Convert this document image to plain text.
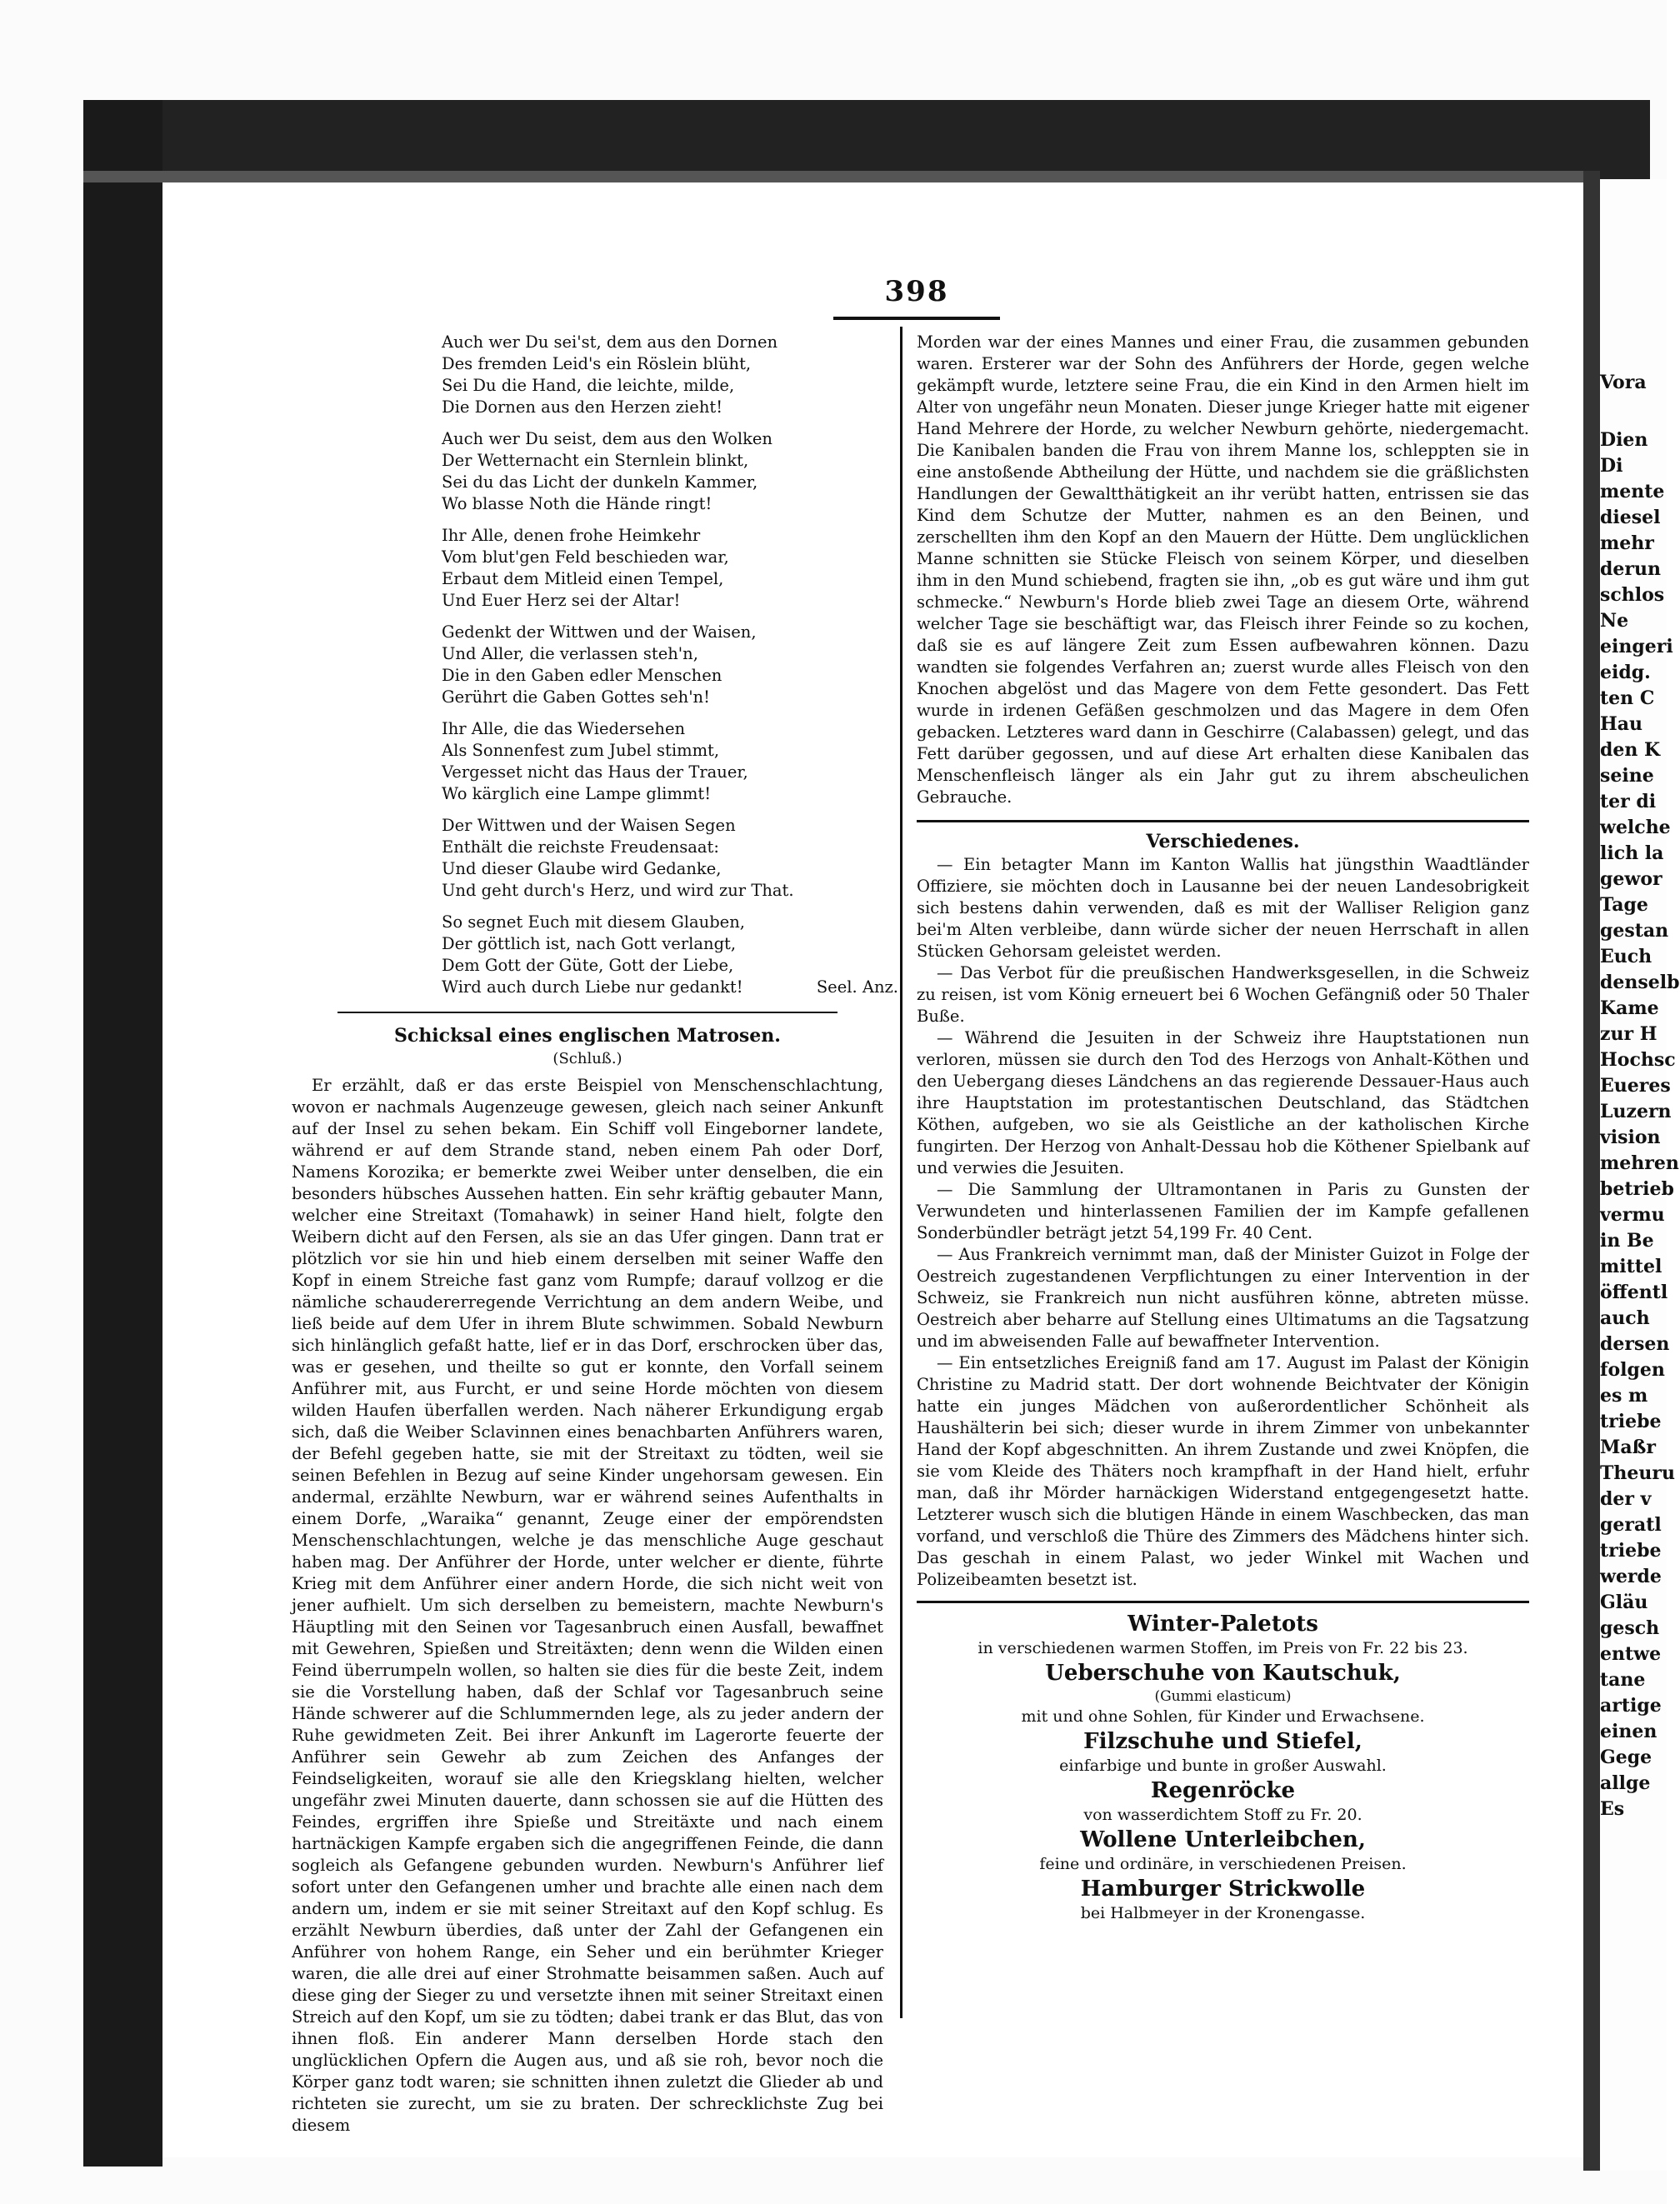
Vora
Dien
Di
mente
diesel
mehr
derun
schlos
Ne
eingeri
eidg.
ten C
Hau
den K
seine
ter di
welche
lich la
gewor
Tage
gestan
Euch
denselb
Kame
zur H
Hochsc
Eueres
Luzern
vision
mehren
betrieb
vermu
in Be
mittel
öffentl
auch
dersen
folgen
es m
triebe
Maßr
Theuru
der v
geratl
triebe
werde
Gläu
gesch
entwe
tane
artige
einen
Gege
allge
Es
398
Auch wer Du sei'st, dem aus den Dornen
Des fremden Leid's ein Röslein blüht,
Sei Du die Hand, die leichte, milde,
Die Dornen aus den Herzen zieht!
Auch wer Du seist, dem aus den Wolken
Der Wetternacht ein Sternlein blinkt,
Sei du das Licht der dunkeln Kammer,
Wo blasse Noth die Hände ringt!
Ihr Alle, denen frohe Heimkehr
Vom blut'gen Feld beschieden war,
Erbaut dem Mitleid einen Tempel,
Und Euer Herz sei der Altar!
Gedenkt der Wittwen und der Waisen,
Und Aller, die verlassen steh'n,
Die in den Gaben edler Menschen
Gerührt die Gaben Gottes seh'n!
Ihr Alle, die das Wiedersehen
Als Sonnenfest zum Jubel stimmt,
Vergesset nicht das Haus der Trauer,
Wo kärglich eine Lampe glimmt!
Der Wittwen und der Waisen Segen
Enthält die reichste Freudensaat:
Und dieser Glaube wird Gedanke,
Und geht durch's Herz, und wird zur That.
So segnet Euch mit diesem Glauben,
Der göttlich ist, nach Gott verlangt,
Dem Gott der Güte, Gott der Liebe,
Wird auch durch Liebe nur gedankt!	Seel. Anz.
Schicksal eines englischen Matrosen.
(Schluß.)
Er erzählt, daß er das erste Beispiel von Menschenschlachtung, wovon er nachmals Augenzeuge gewesen, gleich nach seiner Ankunft auf der Insel zu sehen bekam. Ein Schiff voll Eingeborner landete, während er auf dem Strande stand, neben einem Pah oder Dorf, Namens Korozika; er bemerkte zwei Weiber unter denselben, die ein besonders hübsches Aussehen hatten. Ein sehr kräftig gebauter Mann, welcher eine Streitaxt (Tomahawk) in seiner Hand hielt, folgte den Weibern dicht auf den Fersen, als sie an das Ufer gingen. Dann trat er plötzlich vor sie hin und hieb einem derselben mit seiner Waffe den Kopf in einem Streiche fast ganz vom Rumpfe; darauf vollzog er die nämliche schaudererregende Verrichtung an dem andern Weibe, und ließ beide auf dem Ufer in ihrem Blute schwimmen. Sobald Newburn sich hinlänglich gefaßt hatte, lief er in das Dorf, erschrocken über das, was er gesehen, und theilte so gut er konnte, den Vorfall seinem Anführer mit, aus Furcht, er und seine Horde möchten von diesem wilden Haufen überfallen werden. Nach näherer Erkundigung ergab sich, daß die Weiber Sclavinnen eines benachbarten Anführers waren, der Befehl gegeben hatte, sie mit der Streitaxt zu tödten, weil sie seinen Befehlen in Bezug auf seine Kinder ungehorsam gewesen. Ein andermal, erzählte Newburn, war er während seines Aufenthalts in einem Dorfe, „Waraika“ genannt, Zeuge einer der empörendsten Menschenschlachtungen, welche je das menschliche Auge geschaut haben mag. Der Anführer der Horde, unter welcher er diente, führte Krieg mit dem Anführer einer andern Horde, die sich nicht weit von jener aufhielt. Um sich derselben zu bemeistern, machte Newburn's Häuptling mit den Seinen vor Tagesanbruch einen Ausfall, bewaffnet mit Gewehren, Spießen und Streitäxten; denn wenn die Wilden einen Feind überrumpeln wollen, so halten sie dies für die beste Zeit, indem sie die Vorstellung haben, daß der Schlaf vor Tagesanbruch seine Hände schwerer auf die Schlummernden lege, als zu jeder andern der Ruhe gewidmeten Zeit. Bei ihrer Ankunft im Lagerorte feuerte der Anführer sein Gewehr ab zum Zeichen des Anfanges der Feindseligkeiten, worauf sie alle den Kriegsklang hielten, welcher ungefähr zwei Minuten dauerte, dann schossen sie auf die Hütten des Feindes, ergriffen ihre Spieße und Streitäxte und nach einem hartnäckigen Kampfe ergaben sich die angegriffenen Feinde, die dann sogleich als Gefangene gebunden wurden. Newburn's Anführer lief sofort unter den Gefangenen umher und brachte alle einen nach dem andern um, indem er sie mit seiner Streitaxt auf den Kopf schlug. Es erzählt Newburn überdies, daß unter der Zahl der Gefangenen ein Anführer von hohem Range, ein Seher und ein berühmter Krieger waren, die alle drei auf einer Strohmatte beisammen saßen. Auch auf diese ging der Sieger zu und versetzte ihnen mit seiner Streitaxt einen Streich auf den Kopf, um sie zu tödten; dabei trank er das Blut, das von ihnen floß. Ein anderer Mann derselben Horde stach den unglücklichen Opfern die Augen aus, und aß sie roh, bevor noch die Körper ganz todt waren; sie schnitten ihnen zuletzt die Glieder ab und richteten sie zurecht, um sie zu braten. Der schrecklichste Zug bei diesem
Morden war der eines Mannes und einer Frau, die zusammen gebunden waren. Ersterer war der Sohn des Anführers der Horde, gegen welche gekämpft wurde, letztere seine Frau, die ein Kind in den Armen hielt im Alter von ungefähr neun Monaten. Dieser junge Krieger hatte mit eigener Hand Mehrere der Horde, zu welcher Newburn gehörte, niedergemacht. Die Kanibalen banden die Frau von ihrem Manne los, schleppten sie in eine anstoßende Abtheilung der Hütte, und nachdem sie die gräßlichsten Handlungen der Gewaltthätigkeit an ihr verübt hatten, entrissen sie das Kind dem Schutze der Mutter, nahmen es an den Beinen, und zerschellten ihm den Kopf an den Mauern der Hütte. Dem unglücklichen Manne schnitten sie Stücke Fleisch von seinem Körper, und dieselben ihm in den Mund schiebend, fragten sie ihn, „ob es gut wäre und ihm gut schmecke.“ Newburn's Horde blieb zwei Tage an diesem Orte, während welcher Tage sie beschäftigt war, das Fleisch ihrer Feinde so zu kochen, daß sie es auf längere Zeit zum Essen aufbewahren können. Dazu wandten sie folgendes Verfahren an; zuerst wurde alles Fleisch von den Knochen abgelöst und das Magere von dem Fette gesondert. Das Fett wurde in irdenen Gefäßen geschmolzen und das Magere in dem Ofen gebacken. Letzteres ward dann in Geschirre (Calabassen) gelegt, und das Fett darüber gegossen, und auf diese Art erhalten diese Kanibalen das Menschenfleisch länger als ein Jahr gut zu ihrem abscheulichen Gebrauche.
Verschiedenes.

— Ein betagter Mann im Kanton Wallis hat jüngsthin Waadtländer Offiziere, sie möchten doch in Lausanne bei der neuen Landesobrigkeit sich bestens dahin verwenden, daß es mit der Walliser Religion ganz bei'm Alten verbleibe, dann würde sicher der neuen Herrschaft in allen Stücken Gehorsam geleistet werden.

— Das Verbot für die preußischen Handwerksgesellen, in die Schweiz zu reisen, ist vom König erneuert bei 6 Wochen Gefängniß oder 50 Thaler Buße.

— Während die Jesuiten in der Schweiz ihre Hauptstationen nun verloren, müssen sie durch den Tod des Herzogs von Anhalt-Köthen und den Uebergang dieses Ländchens an das regierende Dessauer-Haus auch ihre Hauptstation im protestantischen Deutschland, das Städtchen Köthen, aufgeben, wo sie als Geistliche an der katholischen Kirche fungirten. Der Herzog von Anhalt-Dessau hob die Köthener Spielbank auf und verwies die Jesuiten.

— Die Sammlung der Ultramontanen in Paris zu Gunsten der Verwundeten und hinterlassenen Familien der im Kampfe gefallenen Sonderbündler beträgt jetzt 54,199 Fr. 40 Cent.

— Aus Frankreich vernimmt man, daß der Minister Guizot in Folge der Oestreich zugestandenen Verpflichtungen zu einer Intervention in der Schweiz, sie Frankreich nun nicht ausführen könne, abtreten müsse. Oestreich aber beharre auf Stellung eines Ultimatums an die Tagsatzung und im abweisenden Falle auf bewaffneter Intervention.

— Ein entsetzliches Ereigniß fand am 17. August im Palast der Königin Christine zu Madrid statt. Der dort wohnende Beichtvater der Königin hatte ein junges Mädchen von außerordentlicher Schönheit als Haushälterin bei sich; dieser wurde in ihrem Zimmer von unbekannter Hand der Kopf abgeschnitten. An ihrem Zustande und zwei Knöpfen, die sie vom Kleide des Thäters noch krampfhaft in der Hand hielt, erfuhr man, daß ihr Mörder harnäckigen Widerstand entgegengesetzt hatte. Letzterer wusch sich die blutigen Hände in einem Waschbecken, das man vorfand, und verschloß die Thüre des Zimmers des Mädchens hinter sich. Das geschah in einem Palast, wo jeder Winkel mit Wachen und Polizeibeamten besetzt ist.

Winter-Paletots
in verschiedenen warmen Stoffen, im Preis von Fr. 22 bis 23.
Ueberschuhe von Kautschuk,
(Gummi elasticum)
mit und ohne Sohlen, für Kinder und Erwachsene.
Filzschuhe und Stiefel,
einfarbige und bunte in großer Auswahl.
Regenröcke
von wasserdichtem Stoff zu Fr. 20.
Wollene Unterleibchen,
feine und ordinäre, in verschiedenen Preisen.
Hamburger Strickwolle
bei Halbmeyer in der Kronengasse.
